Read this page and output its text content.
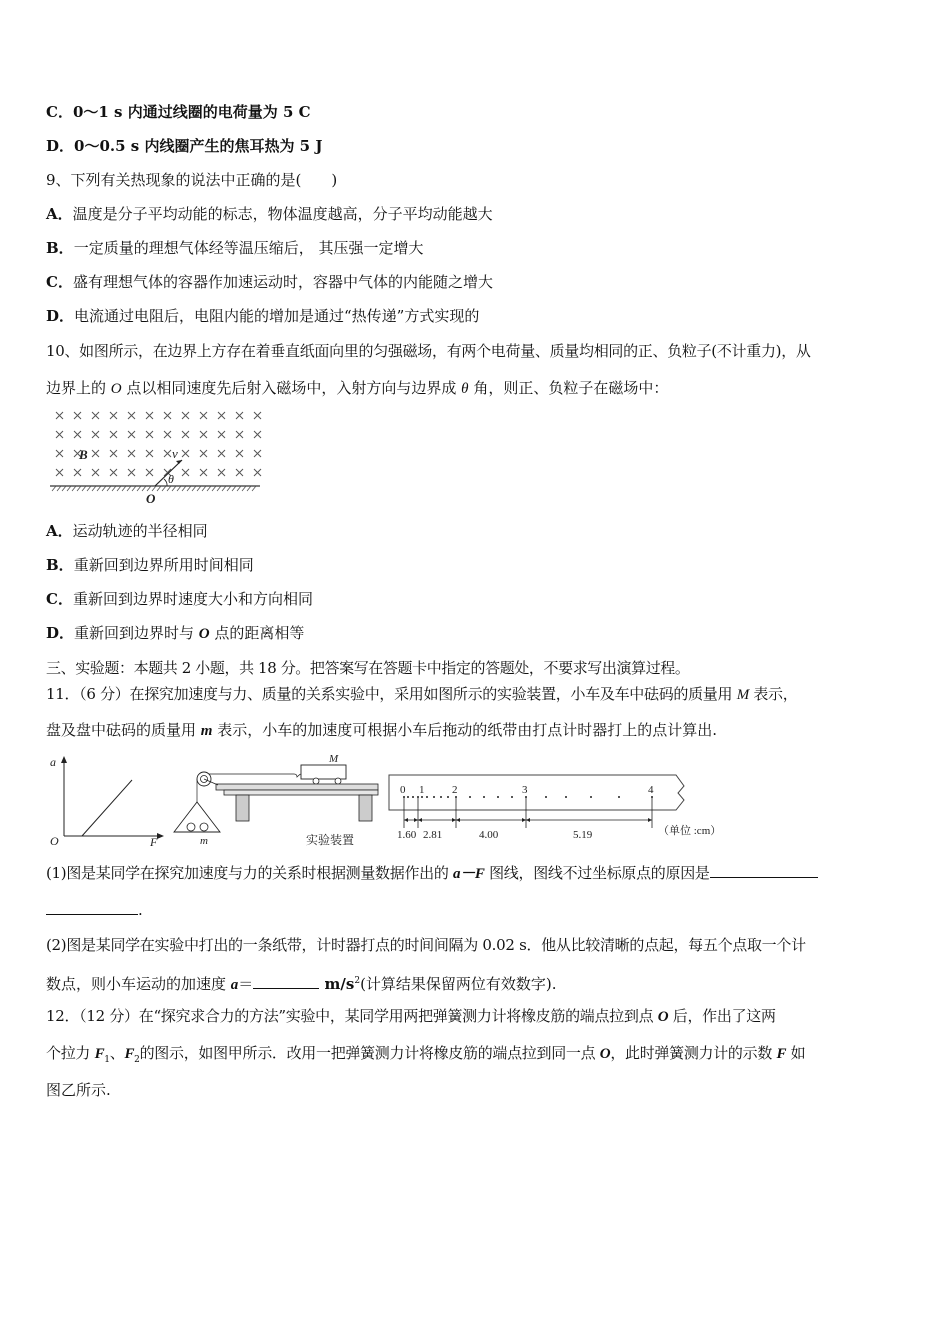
C．0～1 s 内通过线圈的电荷量为 5 C
D．0～0.5 s 内线圈产生的焦耳热为 5 J
9、下列有关热现象的说法中正确的是(　　)
A．温度是分子平均动能的标志，物体温度越高，分子平均动能越大
B．一定质量的理想气体经等温压缩后， 其压强一定增大
C．盛有理想气体的容器作加速运动时，容器中气体的内能随之增大
D．电流通过电阻后，电阻内能的增加是通过“热传递”方式实现的
10、如图所示，在边界上方存在着垂直纸面向里的匀强磁场，有两个电荷量、质量均相同的正、负粒子(不计重力)，从
边界上的 O 点以相同速度先后射入磁场中，入射方向与边界成 θ 角，则正、负粒子在磁场中：
B	v
θ
O
A．运动轨迹的半径相同
B．重新回到边界所用时间相同
C．重新回到边界时速度大小和方向相同
D．重新回到边界时与 O 点的距离相等
三、实验题：本题共 2 小题，共 18 分。把答案写在答题卡中指定的答题处，不要求写出演算过程。
11．（6 分）在探究加速度与力、质量的关系实验中，采用如图所示的实验装置，小车及车中砝码的质量用 M 表示，
盘及盘中砝码的质量用 m 表示，小车的加速度可根据小车后拖动的纸带由打点计时器打上的点计算出.
a
F
O
M
m	实验装置
0 1	2	3	4
1.60 2.81	4.00	5.19	（单位 :cm）
(1)图是某同学在探究加速度与力的关系时根据测量数据作出的 a－F 图线，图线不过坐标原点的原因是
.
(2)图是某同学在实验中打出的一条纸带，计时器打点的时间间隔为 0.02 s．他从比较清晰的点起，每五个点取一个计
数点，则小车运动的加速度 a＝	$m/s^2$(计算结果保留两位有效数字).
12．（12 分）在“探究求合力的方法”实验中，某同学用两把弹簧测力计将橡皮筋的端点拉到点 O 后，作出了这两
个拉力 $F_1$、$F_2$的图示，如图甲所示．改用一把弹簧测力计将橡皮筋的端点拉到同一点 O，此时弹簧测力计的示数 F 如
图乙所示.
